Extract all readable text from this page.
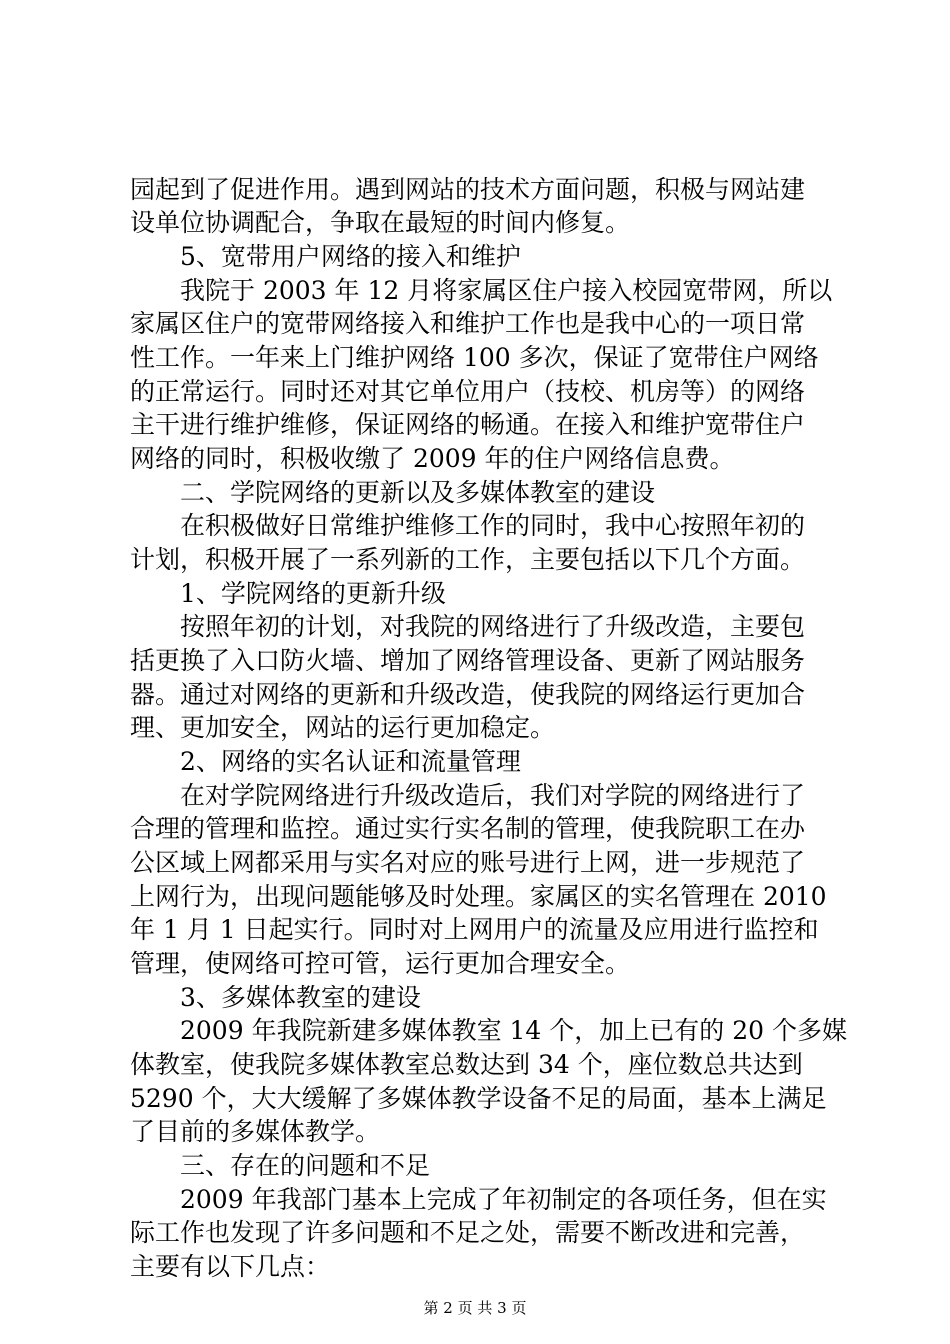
园起到了促进作用。遇到网站的技术方面问题，积极与网站建
设单位协调配合，争取在最短的时间内修复。
5、宽带用户网络的接入和维护
我院于 2003 年 12 月将家属区住户接入校园宽带网，所以
家属区住户的宽带网络接入和维护工作也是我中心的一项日常
性工作。一年来上门维护网络 100 多次，保证了宽带住户网络
的正常运行。同时还对其它单位用户（技校、机房等）的网络
主干进行维护维修，保证网络的畅通。在接入和维护宽带住户
网络的同时，积极收缴了 2009 年的住户网络信息费。
二、学院网络的更新以及多媒体教室的建设
在积极做好日常维护维修工作的同时，我中心按照年初的
计划，积极开展了一系列新的工作，主要包括以下几个方面。
1、学院网络的更新升级
按照年初的计划，对我院的网络进行了升级改造，主要包
括更换了入口防火墙、增加了网络管理设备、更新了网站服务
器。通过对网络的更新和升级改造，使我院的网络运行更加合
理、更加安全，网站的运行更加稳定。
2、网络的实名认证和流量管理
在对学院网络进行升级改造后，我们对学院的网络进行了
合理的管理和监控。通过实行实名制的管理，使我院职工在办
公区域上网都采用与实名对应的账号进行上网，进一步规范了
上网行为，出现问题能够及时处理。家属区的实名管理在 2010
年 1 月 1 日起实行。同时对上网用户的流量及应用进行监控和
管理，使网络可控可管，运行更加合理安全。
3、多媒体教室的建设
2009 年我院新建多媒体教室 14 个，加上已有的 20 个多媒
体教室，使我院多媒体教室总数达到 34 个，座位数总共达到
5290 个，大大缓解了多媒体教学设备不足的局面，基本上满足
了目前的多媒体教学。
三、存在的问题和不足
2009 年我部门基本上完成了年初制定的各项任务，但在实
际工作也发现了许多问题和不足之处，需要不断改进和完善，
主要有以下几点：
第 2 页 共 3 页
